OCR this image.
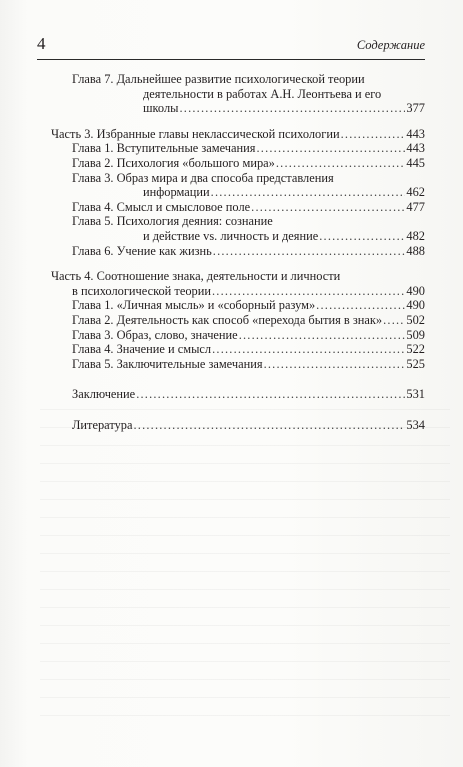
4	Содержание
Глава 7. Дальнейшее развитие психологической теории
деятельности в работах А.Н. Леонтьева и его
школы .....	377
Часть 3. Избранные главы неклассической психологии .....	443
Глава 1. Вступительные замечания .....	443
Глава 2. Психология «большого мира» .....	445
Глава 3. Образ мира и два способа представления
информации .....	462
Глава 4. Смысл и смысловое поле .....	477
Глава 5. Психология деяния: сознание
и действие vs. личность и деяние .....	482
Глава 6. Учение как жизнь .....	488
Часть 4. Соотношение знака, деятельности и личности
в психологической теории .....	490
Глава 1. «Личная мысль» и «соборный разум» .....	490
Глава 2. Деятельность как способ «перехода бытия в знак» ..... 502
Глава 3. Образ, слово, значение .....	509
Глава 4. Значение и смысл .....	522
Глава 5. Заключительные замечания .....	525
Заключение .....	531
Литература .....	534
